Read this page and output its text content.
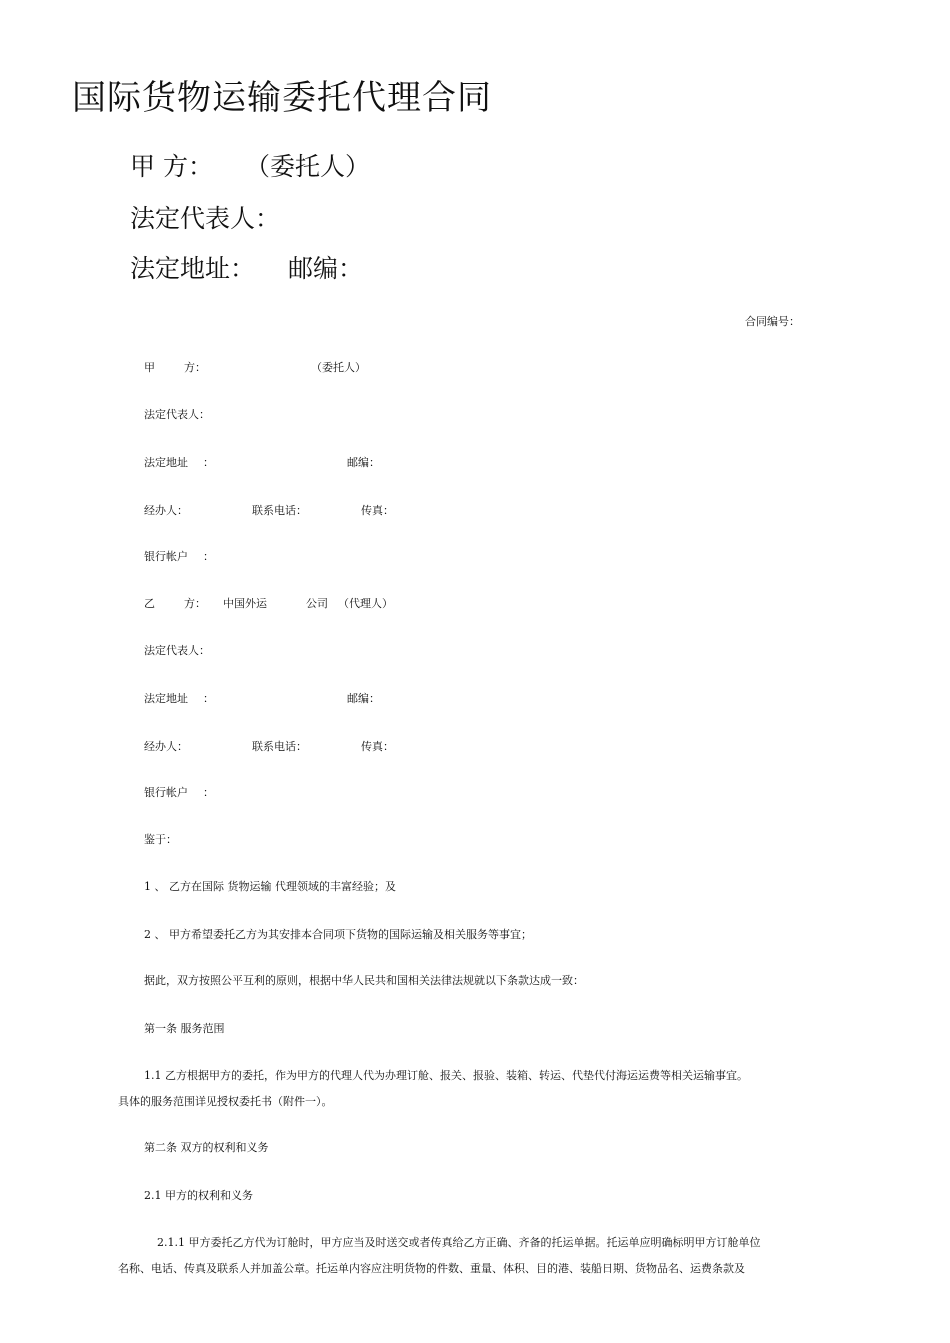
国际货物运输委托代理合同
甲 方： （委托人）
法定代表人：
法定地址： 邮编：
合同编号：
甲	方：	（委托人）
法定代表人：
法定地址 ：	邮编：
经办人：	联系电话：	传真：
银行帐户 ：
乙	方： 中国外运	公司 （代理人）
法定代表人：
法定地址 ：	邮编：
经办人：	联系电话：	传真：
银行帐户 ：
鉴于：
1 、 乙方在国际 货物运输 代理领域的丰富经验；及
2 、 甲方希望委托乙方为其安排本合同项下货物的国际运输及相关服务等事宜；
据此，双方按照公平互利的原则，根据中华人民共和国相关法律法规就以下条款达成一致：
第一条 服务范围
1.1 乙方根据甲方的委托，作为甲方的代理人代为办理订舱、报关、报验、装箱、转运、代垫代付海运运费等相关运输事宜。
具体的服务范围详见授权委托书（附件一）。
第二条 双方的权利和义务
2.1 甲方的权利和义务
2.1.1 甲方委托乙方代为订舱时，甲方应当及时送交或者传真给乙方正确、齐备的托运单据。托运单应明确标明甲方订舱单位
名称、电话、传真及联系人并加盖公章。托运单内容应注明货物的件数、重量、体积、目的港、装船日期、货物品名、运费条款及
